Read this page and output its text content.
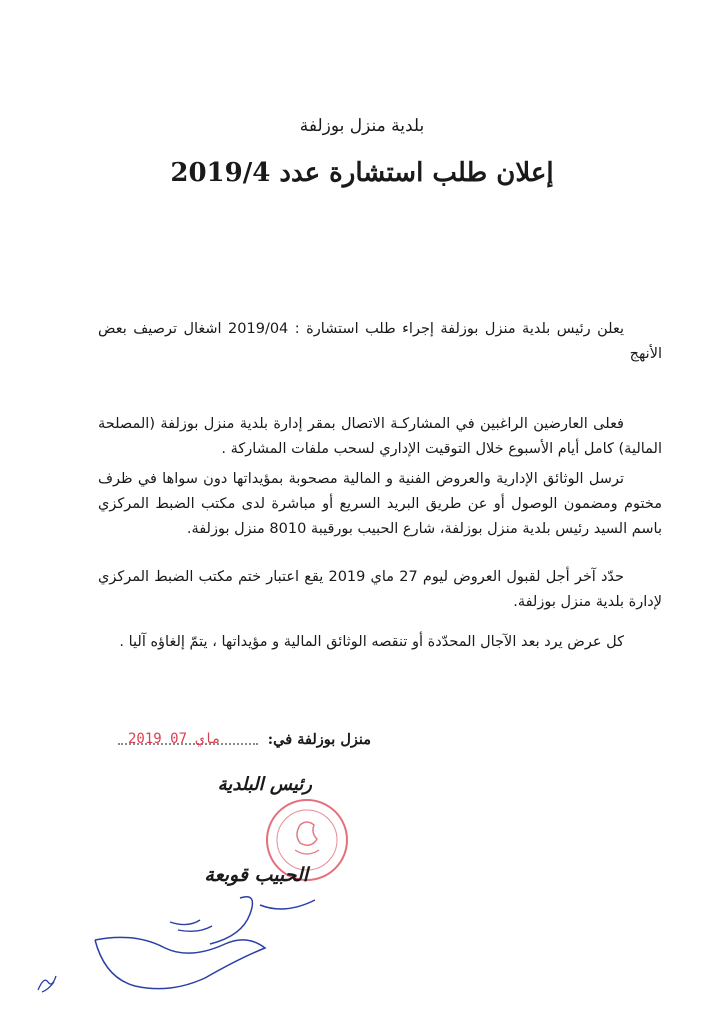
بلدية منزل بوزلفة
إعلان طلب استشارة عدد 2019/4
يعلن رئيس بلدية منزل بوزلفة إجراء طلب استشارة : 2019/04 اشغال ترصيف بعض الأنهج
فعلى العارضين الراغبين في المشاركـة الاتصال بمقر إدارة بلدية منزل بوزلفة (المصلحة المالية) كامل أيام الأسبوع خلال التوقيت الإداري لسحب ملفات المشاركة .
ترسل الوثائق الإدارية والعروض الفنية و المالية مصحوبة بمؤيداتها دون سواها في ظرف مختوم ومضمون الوصول أو عن طريق البريد السريع أو مباشرة لدى مكتب الضبط المركزي باسم السيد رئيس بلدية منزل بوزلفة، شارع الحبيب بورقيبة 8010 منزل بوزلفة.
حدّد آخر أجل لقبول العروض ليوم 27 ماي 2019 يقع اعتبار ختم مكتب الضبط المركزي لإدارة بلدية منزل بوزلفة.
كل عرض يرد بعد الآجال المحدّدة أو تنقصه الوثائق المالية و مؤيداتها ، يتمّ إلغاؤه آليا .
منزل بوزلفة في:
2019 ماي 07
رئيس البلدية
الحبيب قوبعة
